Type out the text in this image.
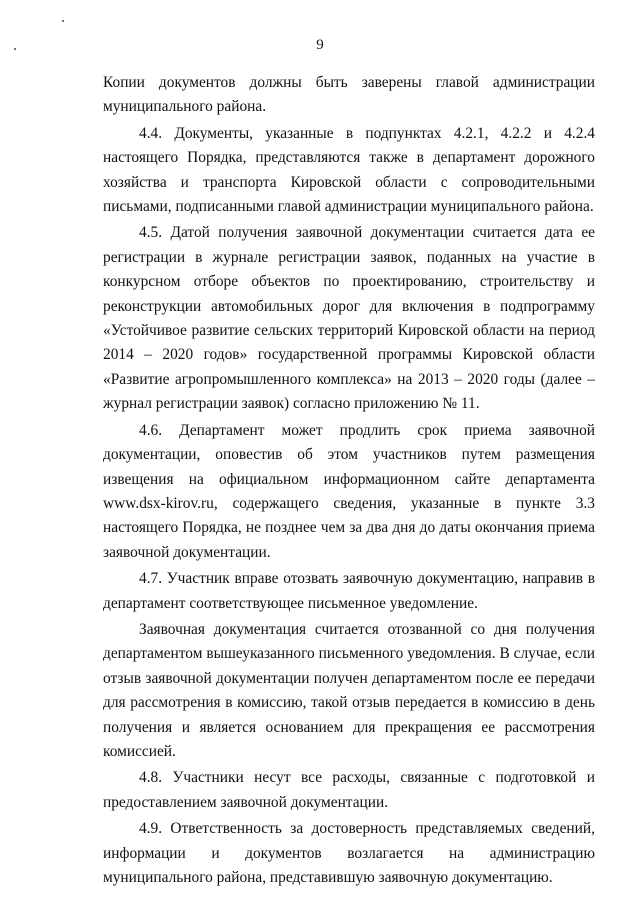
9

Копии документов должны быть заверены главой администрации муниципального района.

4.4. Документы, указанные в подпунктах 4.2.1, 4.2.2 и 4.2.4 настоящего Порядка, представляются также в департамент дорожного хозяйства и транспорта Кировской области с сопроводительными письмами, подписанными главой администрации муниципального района.

4.5. Датой получения заявочной документации считается дата ее регистрации в журнале регистрации заявок, поданных на участие в конкурсном отборе объектов по проектированию, строительству и реконструкции автомобильных дорог для включения в подпрограмму «Устойчивое развитие сельских территорий Кировской области на период 2014 – 2020 годов» государственной программы Кировской области «Развитие агропромышленного комплекса» на 2013 – 2020 годы (далее – журнал регистрации заявок) согласно приложению № 11.

4.6. Департамент может продлить срок приема заявочной документации, оповестив об этом участников путем размещения извещения на официальном информационном сайте департамента www.dsx-kirov.ru, содержащего сведения, указанные в пункте 3.3 настоящего Порядка, не позднее чем за два дня до даты окончания приема заявочной документации.

4.7. Участник вправе отозвать заявочную документацию, направив в департамент соответствующее письменное уведомление.

Заявочная документация считается отозванной со дня получения департаментом вышеуказанного письменного уведомления. В случае, если отзыв заявочной документации получен департаментом после ее передачи для рассмотрения в комиссию, такой отзыв передается в комиссию в день получения и является основанием для прекращения ее рассмотрения комиссией.

4.8. Участники несут все расходы, связанные с подготовкой и предоставлением заявочной документации.

4.9. Ответственность за достоверность представляемых сведений, информации и документов возлагается на администрацию муниципального района, представившую заявочную документацию.
